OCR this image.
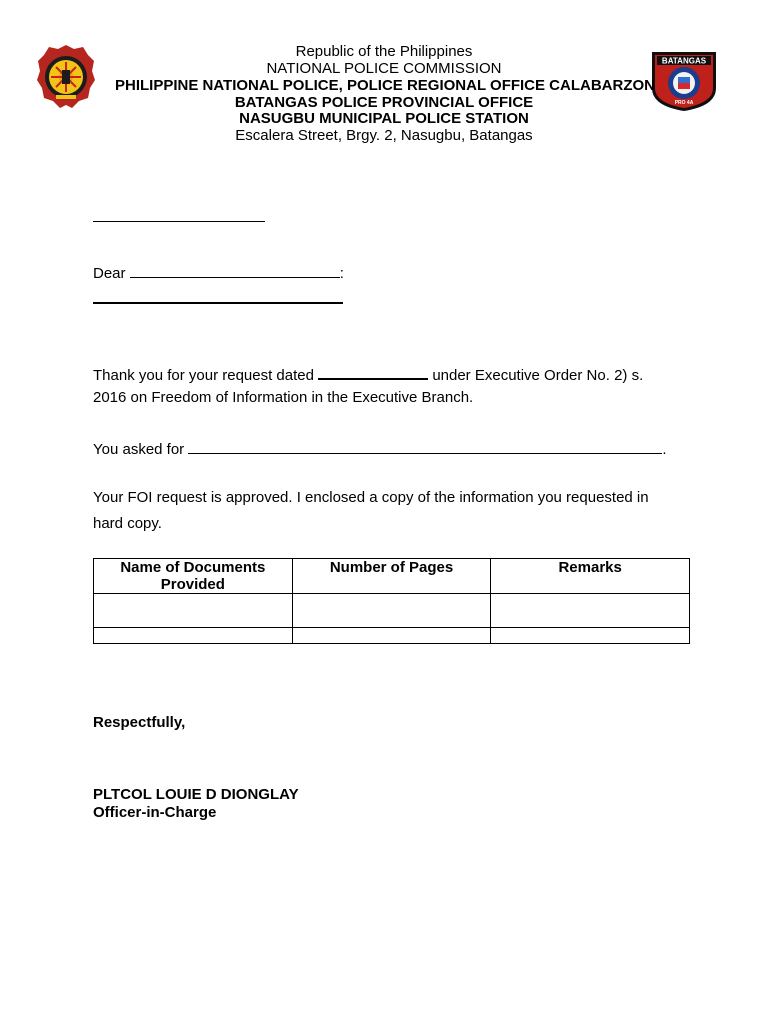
BATANGAS
PRO 4A
Republic of the Philippines
NATIONAL POLICE COMMISSION
PHILIPPINE NATIONAL POLICE, POLICE REGIONAL OFFICE CALABARZON
BATANGAS POLICE PROVINCIAL OFFICE
NASUGBU MUNICIPAL POLICE STATION
Escalera Street, Brgy. 2, Nasugbu, Batangas
Dear	:
Thank you for your request dated	under Executive Order No. 2) s.
2016 on Freedom of Information in the Executive Branch.
You asked for	.
Your FOI request is approved. I enclosed a copy of the information you requested in
hard copy.
Name of Documents
Provided	Number of Pages	Remarks

Respectfully,
PLTCOL LOUIE D DIONGLAY
Officer-in-Charge
